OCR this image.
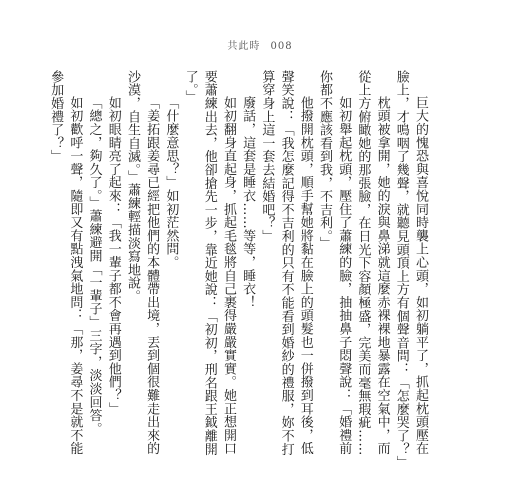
共此時 008

巨大的愧恐與喜悅同時襲上心頭，如初躺平了，抓起枕頭壓在臉上，才鳴咽了幾聲，就聽見頭頂上方有個聲音問：「怎麼哭了？」

枕頭被拿開，她的淚與鼻涕就這麼赤裸裸地暴露在空氣中，而從上方俯瞰她的那張臉，在日光下容顏極盛，完美而毫無瑕疵……

如初舉起枕頭，壓住了蕭練的臉，抽抽鼻子悶聲說：「婚禮前你都不應該看到我，不吉利。」

他撥開枕頭，順手幫她將黏在臉上的頭髮也一併撥到耳後，低聲笑說：「我怎麼記得不吉利的只有不能看到婚紗的禮服，妳不打算穿身上這一套去結婚吧？」

廢話，這套是睡衣……等等，睡衣！

如初翻身直起身，抓起毛毯將自己裹得嚴嚴實實。她正想開口要蕭練出去，他卻搶先一步，靠近她說：「初初，刑名跟王鉞離開了。」

「什麼意思？」如初茫然問。

「姜拓跟姜尋已經把他們的本體帶出境，丟到個很難走出來的沙漠，自生自滅。」蕭練輕描淡寫地說。

如初眼睛亮了起來：「我一輩子都不會再遇到他們？」

「總之，夠久了。」蕭練避開「一輩子」三字，淡淡回答。

如初歡呼一聲，隨即又有點洩氣地問：「那，姜尋不是就不能參加婚禮了？」
